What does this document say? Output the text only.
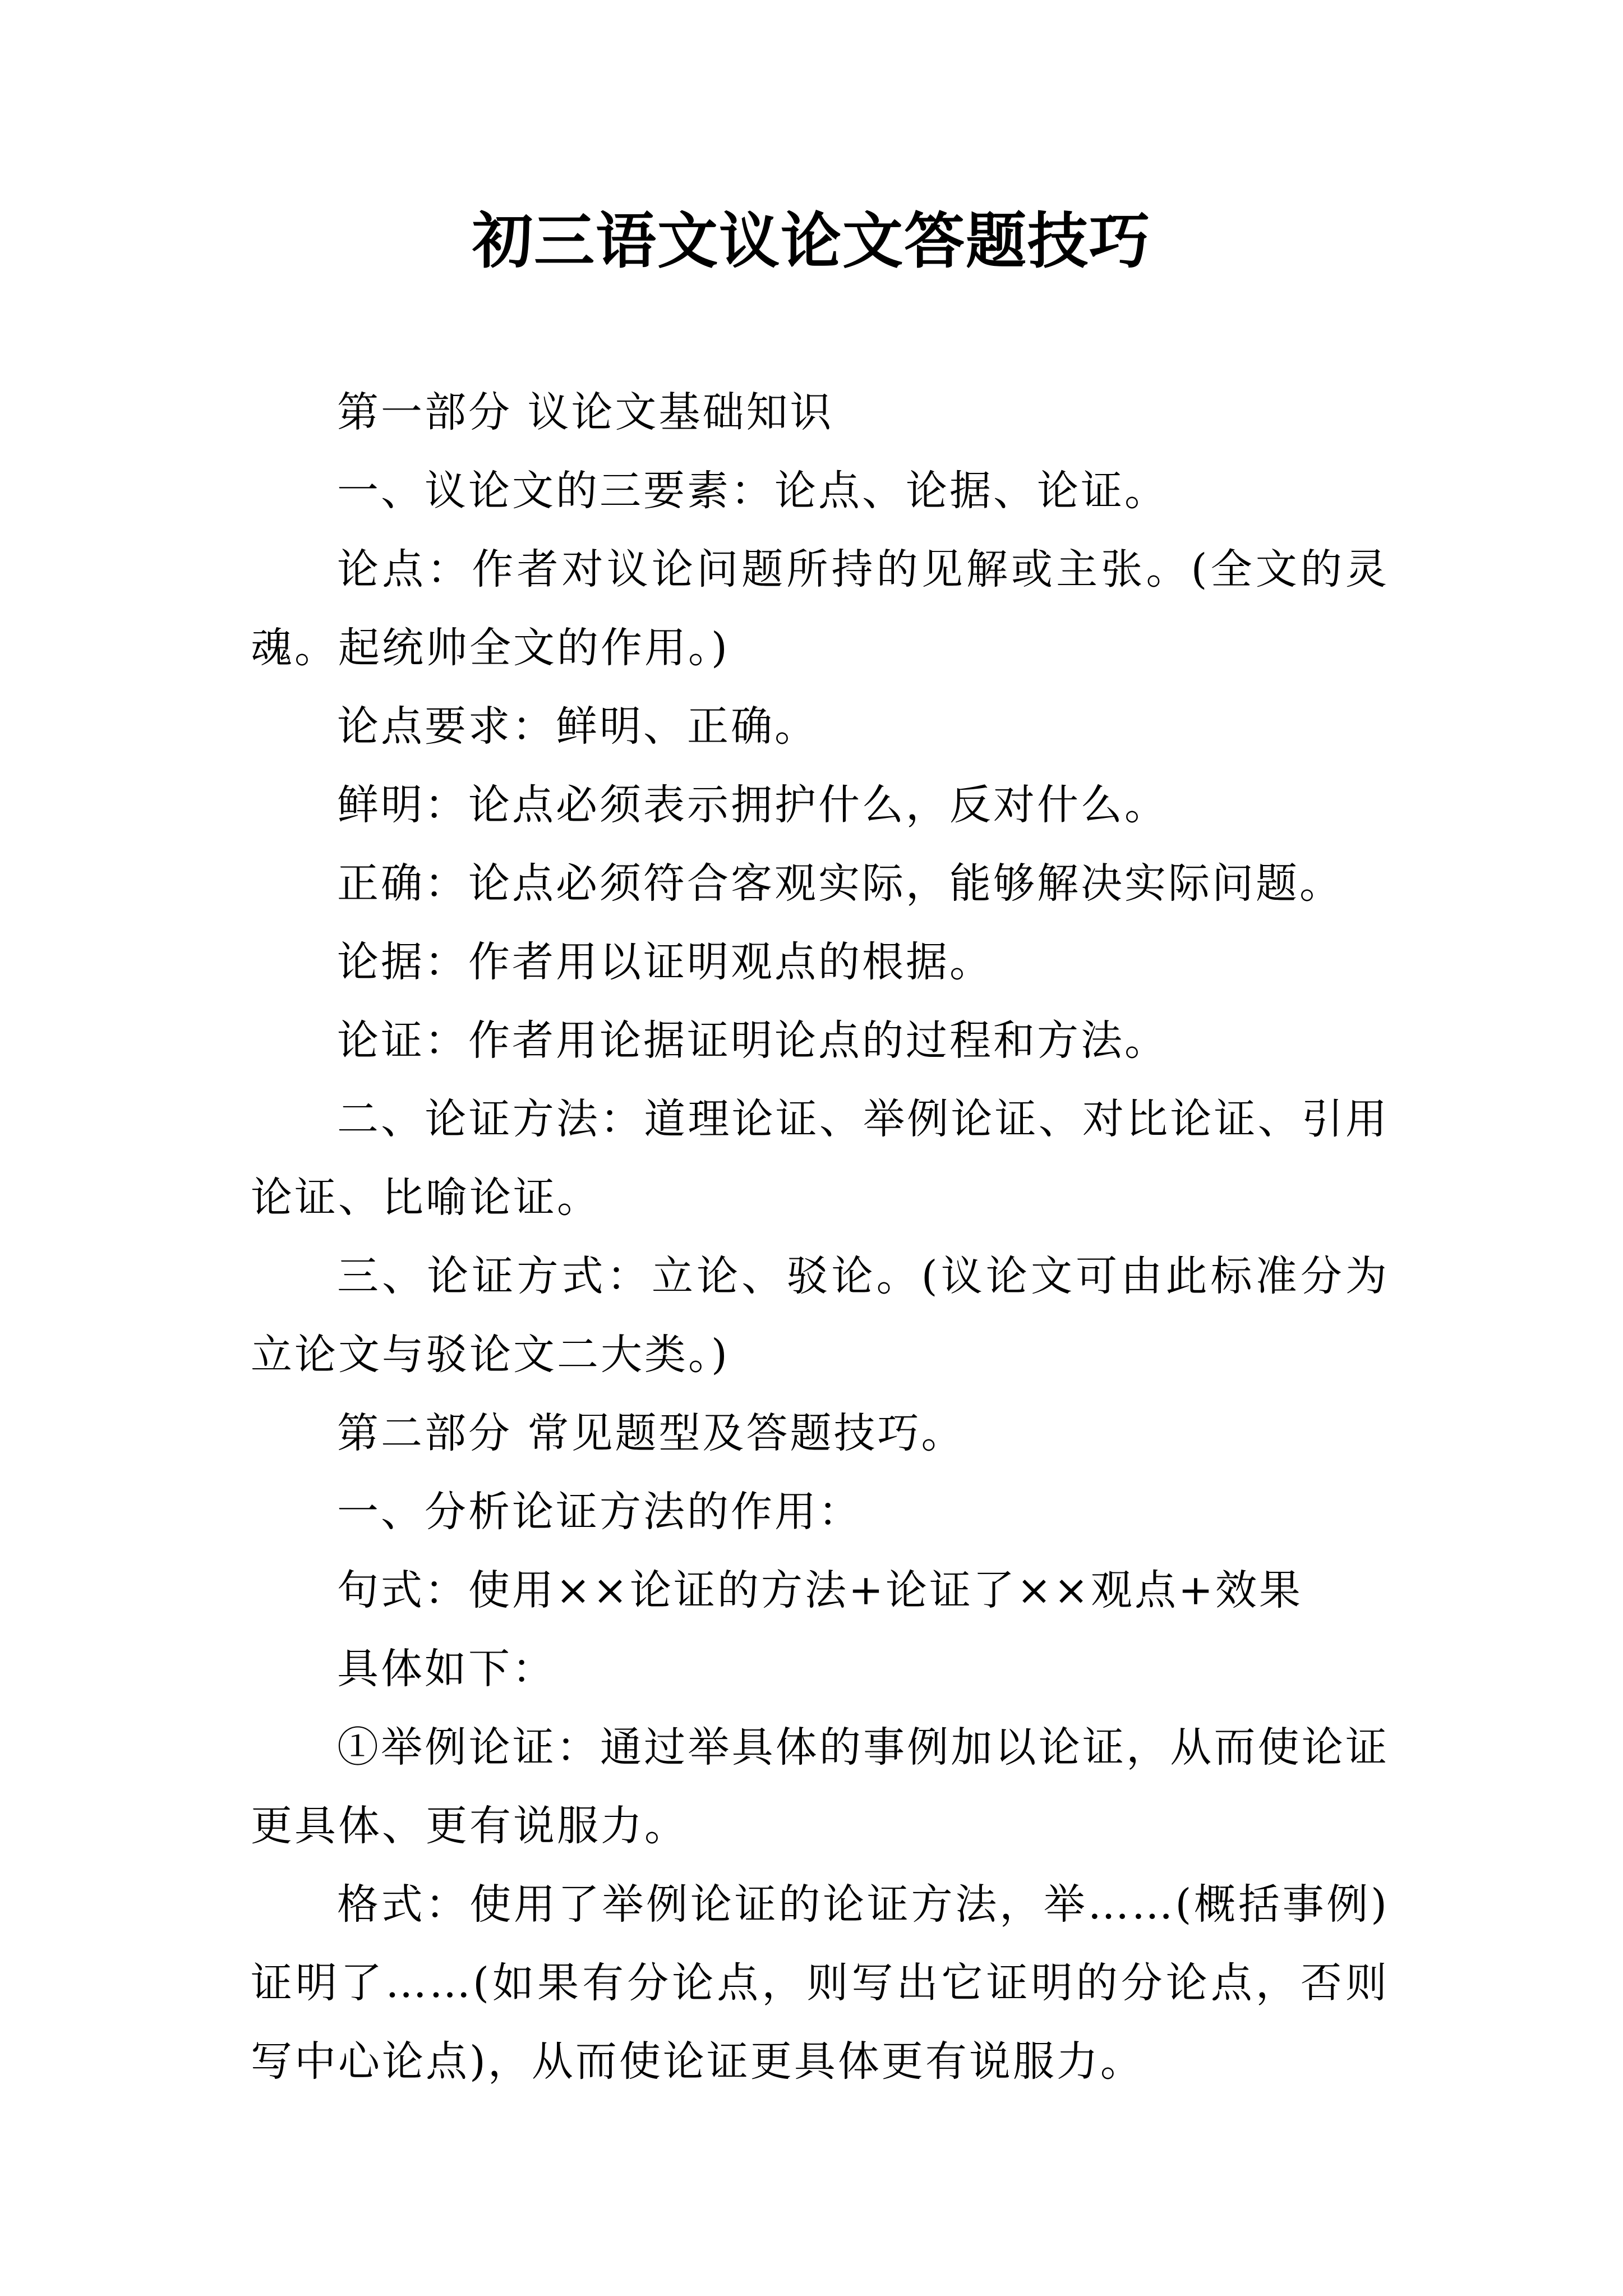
初三语文议论文答题技巧

第一部分 议论文基础知识

一、议论文的三要素：论点、论据、论证。

论点：作者对议论问题所持的见解或主张。(全文的灵魂。起统帅全文的作用。)

论点要求：鲜明、正确。

鲜明：论点必须表示拥护什么，反对什么。

正确：论点必须符合客观实际，能够解决实际问题。

论据：作者用以证明观点的根据。

论证：作者用论据证明论点的过程和方法。

二、论证方法：道理论证、举例论证、对比论证、引用论证、比喻论证。

三、论证方式：立论、驳论。(议论文可由此标准分为立论文与驳论文二大类。)

第二部分 常见题型及答题技巧。

一、分析论证方法的作用：

句式：使用××论证的方法+论证了××观点+效果

具体如下：

①举例论证：通过举具体的事例加以论证，从而使论证更具体、更有说服力。

格式：使用了举例论证的论证方法，举……(概括事例)证明了……(如果有分论点，则写出它证明的分论点，否则写中心论点)，从而使论证更具体更有说服力。
